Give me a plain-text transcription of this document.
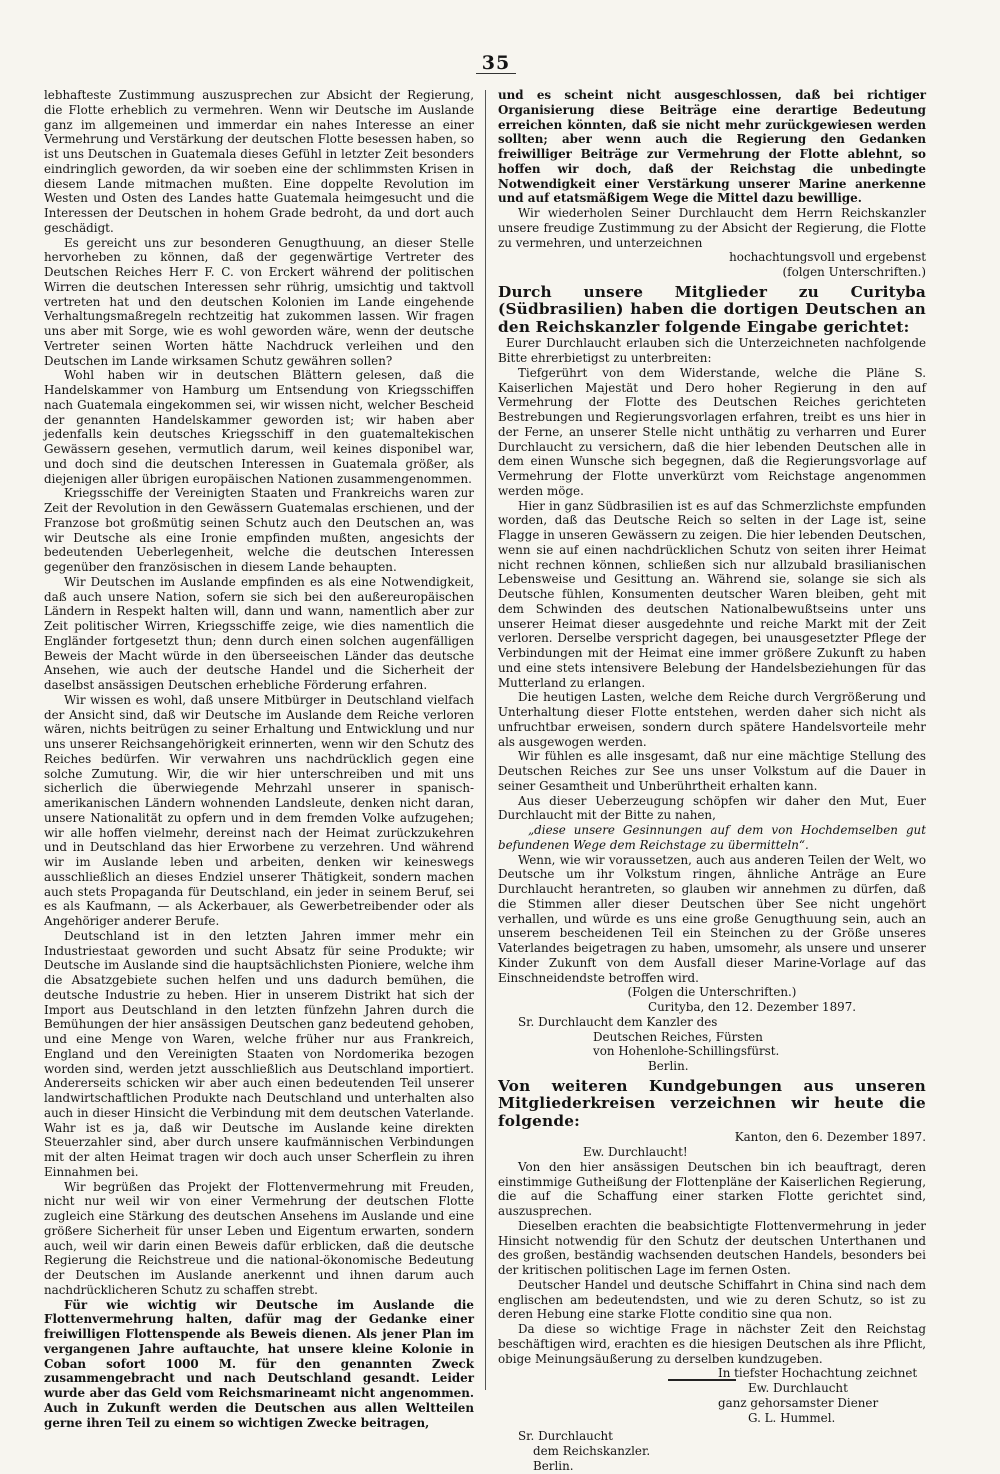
35

lebhafteste Zustimmung auszusprechen zur Absicht der Regierung, die Flotte erheblich zu vermehren. Wenn wir Deutsche im Auslande ganz im allgemeinen und immerdar ein nahes Interesse an einer Vermehrung und Verstärkung der deutschen Flotte besessen haben, so ist uns Deutschen in Guatemala dieses Gefühl in letzter Zeit besonders eindringlich geworden, da wir soeben eine der schlimmsten Krisen in diesem Lande mitmachen mußten. Eine doppelte Revolution im Westen und Osten des Landes hatte Guatemala heimgesucht und die Interessen der Deutschen in hohem Grade bedroht, da und dort auch geschädigt.

Es gereicht uns zur besonderen Genugthuung, an dieser Stelle hervorheben zu können, daß der gegenwärtige Vertreter des Deutschen Reiches Herr F. C. von Erckert während der politischen Wirren die deutschen Interessen sehr rührig, umsichtig und taktvoll vertreten hat und den deutschen Kolonien im Lande eingehende Verhaltungsmaßregeln rechtzeitig hat zukommen lassen. Wir fragen uns aber mit Sorge, wie es wohl geworden wäre, wenn der deutsche Vertreter seinen Worten hätte Nachdruck verleihen und den Deutschen im Lande wirksamen Schutz gewähren sollen?

Wohl haben wir in deutschen Blättern gelesen, daß die Handelskammer von Hamburg um Entsendung von Kriegsschiffen nach Guatemala eingekommen sei, wir wissen nicht, welcher Bescheid der genannten Handelskammer geworden ist; wir haben aber jedenfalls kein deutsches Kriegsschiff in den guatemaltekischen Gewässern gesehen, vermutlich darum, weil keines disponibel war, und doch sind die deutschen Interessen in Guatemala größer, als diejenigen aller übrigen europäischen Nationen zusammengenommen.

Kriegsschiffe der Vereinigten Staaten und Frankreichs waren zur Zeit der Revolution in den Gewässern Guatemalas erschienen, und der Franzose bot großmütig seinen Schutz auch den Deutschen an, was wir Deutsche als eine Ironie empfinden mußten, angesichts der bedeutenden Ueberlegenheit, welche die deutschen Interessen gegenüber den französischen in diesem Lande behaupten.

Wir Deutschen im Auslande empfinden es als eine Notwendigkeit, daß auch unsere Nation, sofern sie sich bei den außereuropäischen Ländern in Respekt halten will, dann und wann, namentlich aber zur Zeit politischer Wirren, Kriegsschiffe zeige, wie dies namentlich die Engländer fortgesetzt thun; denn durch einen solchen augenfälligen Beweis der Macht würde in den überseeischen Länder das deutsche Ansehen, wie auch der deutsche Handel und die Sicherheit der daselbst ansässigen Deutschen erhebliche Förderung erfahren.

Wir wissen es wohl, daß unsere Mitbürger in Deutschland vielfach der Ansicht sind, daß wir Deutsche im Auslande dem Reiche verloren wären, nichts beitrügen zu seiner Erhaltung und Entwicklung und nur uns unserer Reichsangehörigkeit erinnerten, wenn wir den Schutz des Reiches bedürfen. Wir verwahren uns nachdrücklich gegen eine solche Zumutung. Wir, die wir hier unterschreiben und mit uns sicherlich die überwiegende Mehrzahl unserer in spanisch-amerikanischen Ländern wohnenden Landsleute, denken nicht daran, unsere Nationalität zu opfern und in dem fremden Volke aufzugehen; wir alle hoffen vielmehr, dereinst nach der Heimat zurückzukehren und in Deutschland das hier Erworbene zu verzehren. Und während wir im Auslande leben und arbeiten, denken wir keineswegs ausschließlich an dieses Endziel unserer Thätigkeit, sondern machen auch stets Propaganda für Deutschland, ein jeder in seinem Beruf, sei es als Kaufmann, — als Ackerbauer, als Gewerbetreibender oder als Angehöriger anderer Berufe.

Deutschland ist in den letzten Jahren immer mehr ein Industriestaat geworden und sucht Absatz für seine Produkte; wir Deutsche im Auslande sind die hauptsächlichsten Pioniere, welche ihm die Absatzgebiete suchen helfen und uns dadurch bemühen, die deutsche Industrie zu heben. Hier in unserem Distrikt hat sich der Import aus Deutschland in den letzten fünfzehn Jahren durch die Bemühungen der hier ansässigen Deutschen ganz bedeutend gehoben, und eine Menge von Waren, welche früher nur aus Frankreich, England und den Vereinigten Staaten von Nordomerika bezogen worden sind, werden jetzt ausschließlich aus Deutschland importiert. Andererseits schicken wir aber auch einen bedeutenden Teil unserer landwirtschaftlichen Produkte nach Deutschland und unterhalten also auch in dieser Hinsicht die Verbindung mit dem deutschen Vaterlande. Wahr ist es ja, daß wir Deutsche im Auslande keine direkten Steuerzahler sind, aber durch unsere kaufmännischen Verbindungen mit der alten Heimat tragen wir doch auch unser Scherflein zu ihren Einnahmen bei.

Wir begrüßen das Projekt der Flottenvermehrung mit Freuden, nicht nur weil wir von einer Vermehrung der deutschen Flotte zugleich eine Stärkung des deutschen Ansehens im Auslande und eine größere Sicherheit für unser Leben und Eigentum erwarten, sondern auch, weil wir darin einen Beweis dafür erblicken, daß die deutsche Regierung die Reichstreue und die national-ökonomische Bedeutung der Deutschen im Auslande anerkennt und ihnen darum auch nachdrücklicheren Schutz zu schaffen strebt.

Für wie wichtig wir Deutsche im Auslande die Flottenvermehrung halten, dafür mag der Gedanke einer freiwilligen Flottenspende als Beweis dienen. Als jener Plan im vergangenen Jahre auftauchte, hat unsere kleine Kolonie in Coban sofort 1000 M. für den genannten Zweck zusammengebracht und nach Deutschland gesandt. Leider wurde aber das Geld vom Reichsmarineamt nicht angenommen. Auch in Zukunft werden die Deutschen aus allen Weltteilen gerne ihren Teil zu einem so wichtigen Zwecke beitragen,

und es scheint nicht ausgeschlossen, daß bei richtiger Organisierung diese Beiträge eine derartige Bedeutung erreichen könnten, daß sie nicht mehr zurückgewiesen werden sollten; aber wenn auch die Regierung den Gedanken freiwilliger Beiträge zur Vermehrung der Flotte ablehnt, so hoffen wir doch, daß der Reichstag die unbedingte Notwendigkeit einer Verstärkung unserer Marine anerkenne und auf etatsmäßigem Wege die Mittel dazu bewillige.

Wir wiederholen Seiner Durchlaucht dem Herrn Reichskanzler unsere freudige Zustimmung zu der Absicht der Regierung, die Flotte zu vermehren, und unterzeichnen

hochachtungsvoll und ergebenst

(folgen Unterschriften.)

Durch unsere Mitglieder zu Curityba (Südbrasilien) haben die dortigen Deutschen an den Reichskanzler folgende Eingabe gerichtet:

Eurer Durchlaucht erlauben sich die Unterzeichneten nachfolgende Bitte ehrerbietigst zu unterbreiten:

Tiefgerührt von dem Widerstande, welche die Pläne S. Kaiserlichen Majestät und Dero hoher Regierung in den auf Vermehrung der Flotte des Deutschen Reiches gerichteten Bestrebungen und Regierungsvorlagen erfahren, treibt es uns hier in der Ferne, an unserer Stelle nicht unthätig zu verharren und Eurer Durchlaucht zu versichern, daß die hier lebenden Deutschen alle in dem einen Wunsche sich begegnen, daß die Regierungsvorlage auf Vermehrung der Flotte unverkürzt vom Reichstage angenommen werden möge.

Hier in ganz Südbrasilien ist es auf das Schmerzlichste empfunden worden, daß das Deutsche Reich so selten in der Lage ist, seine Flagge in unseren Gewässern zu zeigen. Die hier lebenden Deutschen, wenn sie auf einen nachdrücklichen Schutz von seiten ihrer Heimat nicht rechnen können, schließen sich nur allzubald brasilianischen Lebensweise und Gesittung an. Während sie, solange sie sich als Deutsche fühlen, Konsumenten deutscher Waren bleiben, geht mit dem Schwinden des deutschen Nationalbewußtseins unter uns unserer Heimat dieser ausgedehnte und reiche Markt mit der Zeit verloren. Derselbe verspricht dagegen, bei unausgesetzter Pflege der Verbindungen mit der Heimat eine immer größere Zukunft zu haben und eine stets intensivere Belebung der Handelsbeziehungen für das Mutterland zu erlangen.

Die heutigen Lasten, welche dem Reiche durch Vergrößerung und Unterhaltung dieser Flotte entstehen, werden daher sich nicht als unfruchtbar erweisen, sondern durch spätere Handelsvorteile mehr als ausgewogen werden.

Wir fühlen es alle insgesamt, daß nur eine mächtige Stellung des Deutschen Reiches zur See uns unser Volkstum auf die Dauer in seiner Gesamtheit und Unberührtheit erhalten kann.

Aus dieser Ueberzeugung schöpfen wir daher den Mut, Euer Durchlaucht mit der Bitte zu nahen,

„diese unsere Gesinnungen auf dem von Hochdemselben gut befundenen Wege dem Reichstage zu übermitteln“.

Wenn, wie wir voraussetzen, auch aus anderen Teilen der Welt, wo Deutsche um ihr Volkstum ringen, ähnliche Anträge an Eure Durchlaucht herantreten, so glauben wir annehmen zu dürfen, daß die Stimmen aller dieser Deutschen über See nicht ungehört verhallen, und würde es uns eine große Genugthuung sein, auch an unserem bescheidenen Teil ein Steinchen zu der Größe unseres Vaterlandes beigetragen zu haben, umsomehr, als unsere und unserer Kinder Zukunft von dem Ausfall dieser Marine-Vorlage auf das Einschneidendste betroffen wird.

(Folgen die Unterschriften.)

Curityba, den 12. Dezember 1897.

Sr. Durchlaucht dem Kanzler des

Deutschen Reiches, Fürsten

von Hohenlohe-Schillingsfürst.

Berlin.

Von weiteren Kundgebungen aus unseren Mitgliederkreisen verzeichnen wir heute die folgende:

Kanton, den 6. Dezember 1897.

Ew. Durchlaucht!

Von den hier ansässigen Deutschen bin ich beauftragt, deren einstimmige Gutheißung der Flottenpläne der Kaiserlichen Regierung, die auf die Schaffung einer starken Flotte gerichtet sind, auszusprechen.

Dieselben erachten die beabsichtigte Flottenvermehrung in jeder Hinsicht notwendig für den Schutz der deutschen Unterthanen und des großen, beständig wachsenden deutschen Handels, besonders bei der kritischen politischen Lage im fernen Osten.

Deutscher Handel und deutsche Schiffahrt in China sind nach dem englischen am bedeutendsten, und wie zu deren Schutz, so ist zu deren Hebung eine starke Flotte conditio sine qua non.

Da diese so wichtige Frage in nächster Zeit den Reichstag beschäftigen wird, erachten es die hiesigen Deutschen als ihre Pflicht, obige Meinungsäußerung zu derselben kundzugeben.

In tiefster Hochachtung zeichnet

Ew. Durchlaucht

ganz gehorsamster Diener

G. L. Hummel.

Sr. Durchlaucht

dem Reichskanzler.

Berlin.
